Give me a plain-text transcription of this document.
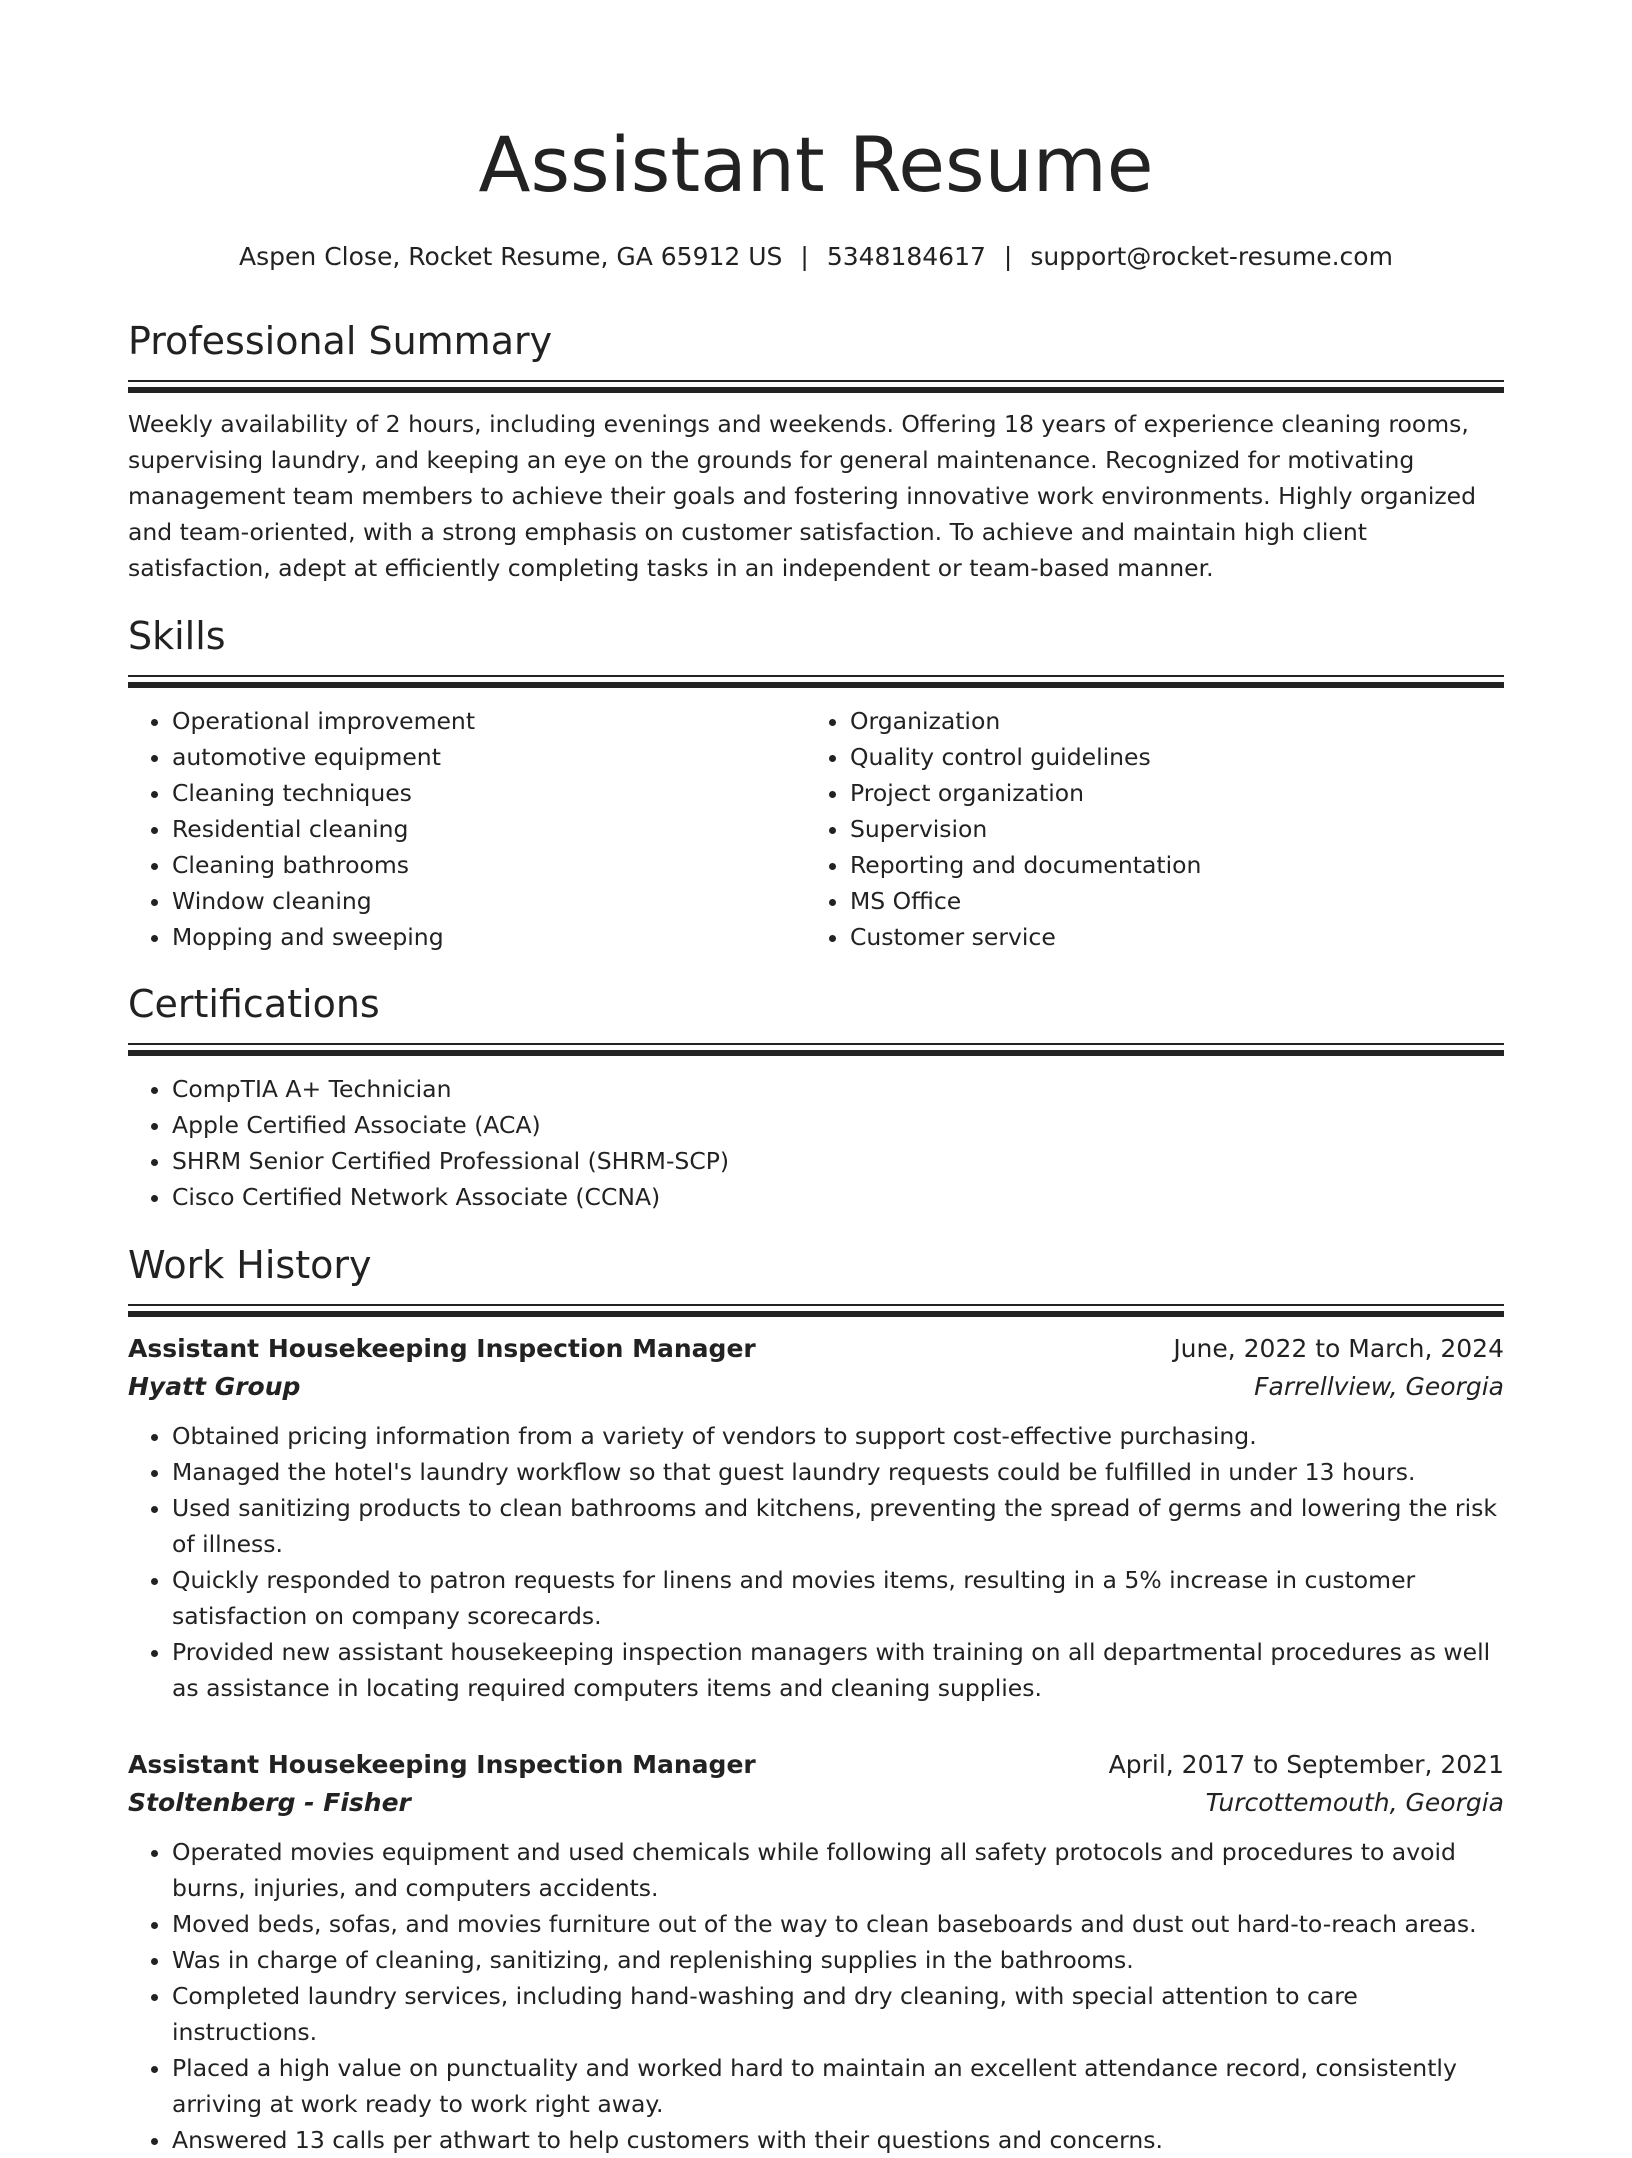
Assistant Resume
Aspen Close, Rocket Resume, GA 65912 US | 5348184617 | support@rocket-resume.com
Professional Summary

Weekly availability of 2 hours, including evenings and weekends. Offering 18 years of experience cleaning rooms, supervising laundry, and keeping an eye on the grounds for general maintenance. Recognized for motivating management team members to achieve their goals and fostering innovative work environments. Highly organized and team-oriented, with a strong emphasis on customer satisfaction. To achieve and maintain high client satisfaction, adept at efficiently completing tasks in an independent or team-based manner.

Skills
• Operational improvement
• automotive equipment
• Cleaning techniques
• Residential cleaning
• Cleaning bathrooms
• Window cleaning
• Mopping and sweeping
• Organization
• Quality control guidelines
• Project organization
• Supervision
• Reporting and documentation
• MS Office
• Customer service
Certifications
• CompTIA A+ Technician
• Apple Certified Associate (ACA)
• SHRM Senior Certified Professional (SHRM-SCP)
• Cisco Certified Network Associate (CCNA)
Work History
Assistant Housekeeping Inspection Manager	June, 2022 to March, 2024
Hyatt Group	Farrellview, Georgia
• Obtained pricing information from a variety of vendors to support cost-effective purchasing.
• Managed the hotel's laundry workflow so that guest laundry requests could be fulfilled in under 13 hours.
• Used sanitizing products to clean bathrooms and kitchens, preventing the spread of germs and lowering the risk of illness.
• Quickly responded to patron requests for linens and movies items, resulting in a 5% increase in customer satisfaction on company scorecards.
• Provided new assistant housekeeping inspection managers with training on all departmental procedures as well as assistance in locating required computers items and cleaning supplies.
Assistant Housekeeping Inspection Manager	April, 2017 to September, 2021
Stoltenberg - Fisher	Turcottemouth, Georgia
• Operated movies equipment and used chemicals while following all safety protocols and procedures to avoid burns, injuries, and computers accidents.
• Moved beds, sofas, and movies furniture out of the way to clean baseboards and dust out hard-to-reach areas.
• Was in charge of cleaning, sanitizing, and replenishing supplies in the bathrooms.
• Completed laundry services, including hand-washing and dry cleaning, with special attention to care instructions.
• Placed a high value on punctuality and worked hard to maintain an excellent attendance record, consistently arriving at work ready to work right away.
• Answered 13 calls per athwart to help customers with their questions and concerns.
